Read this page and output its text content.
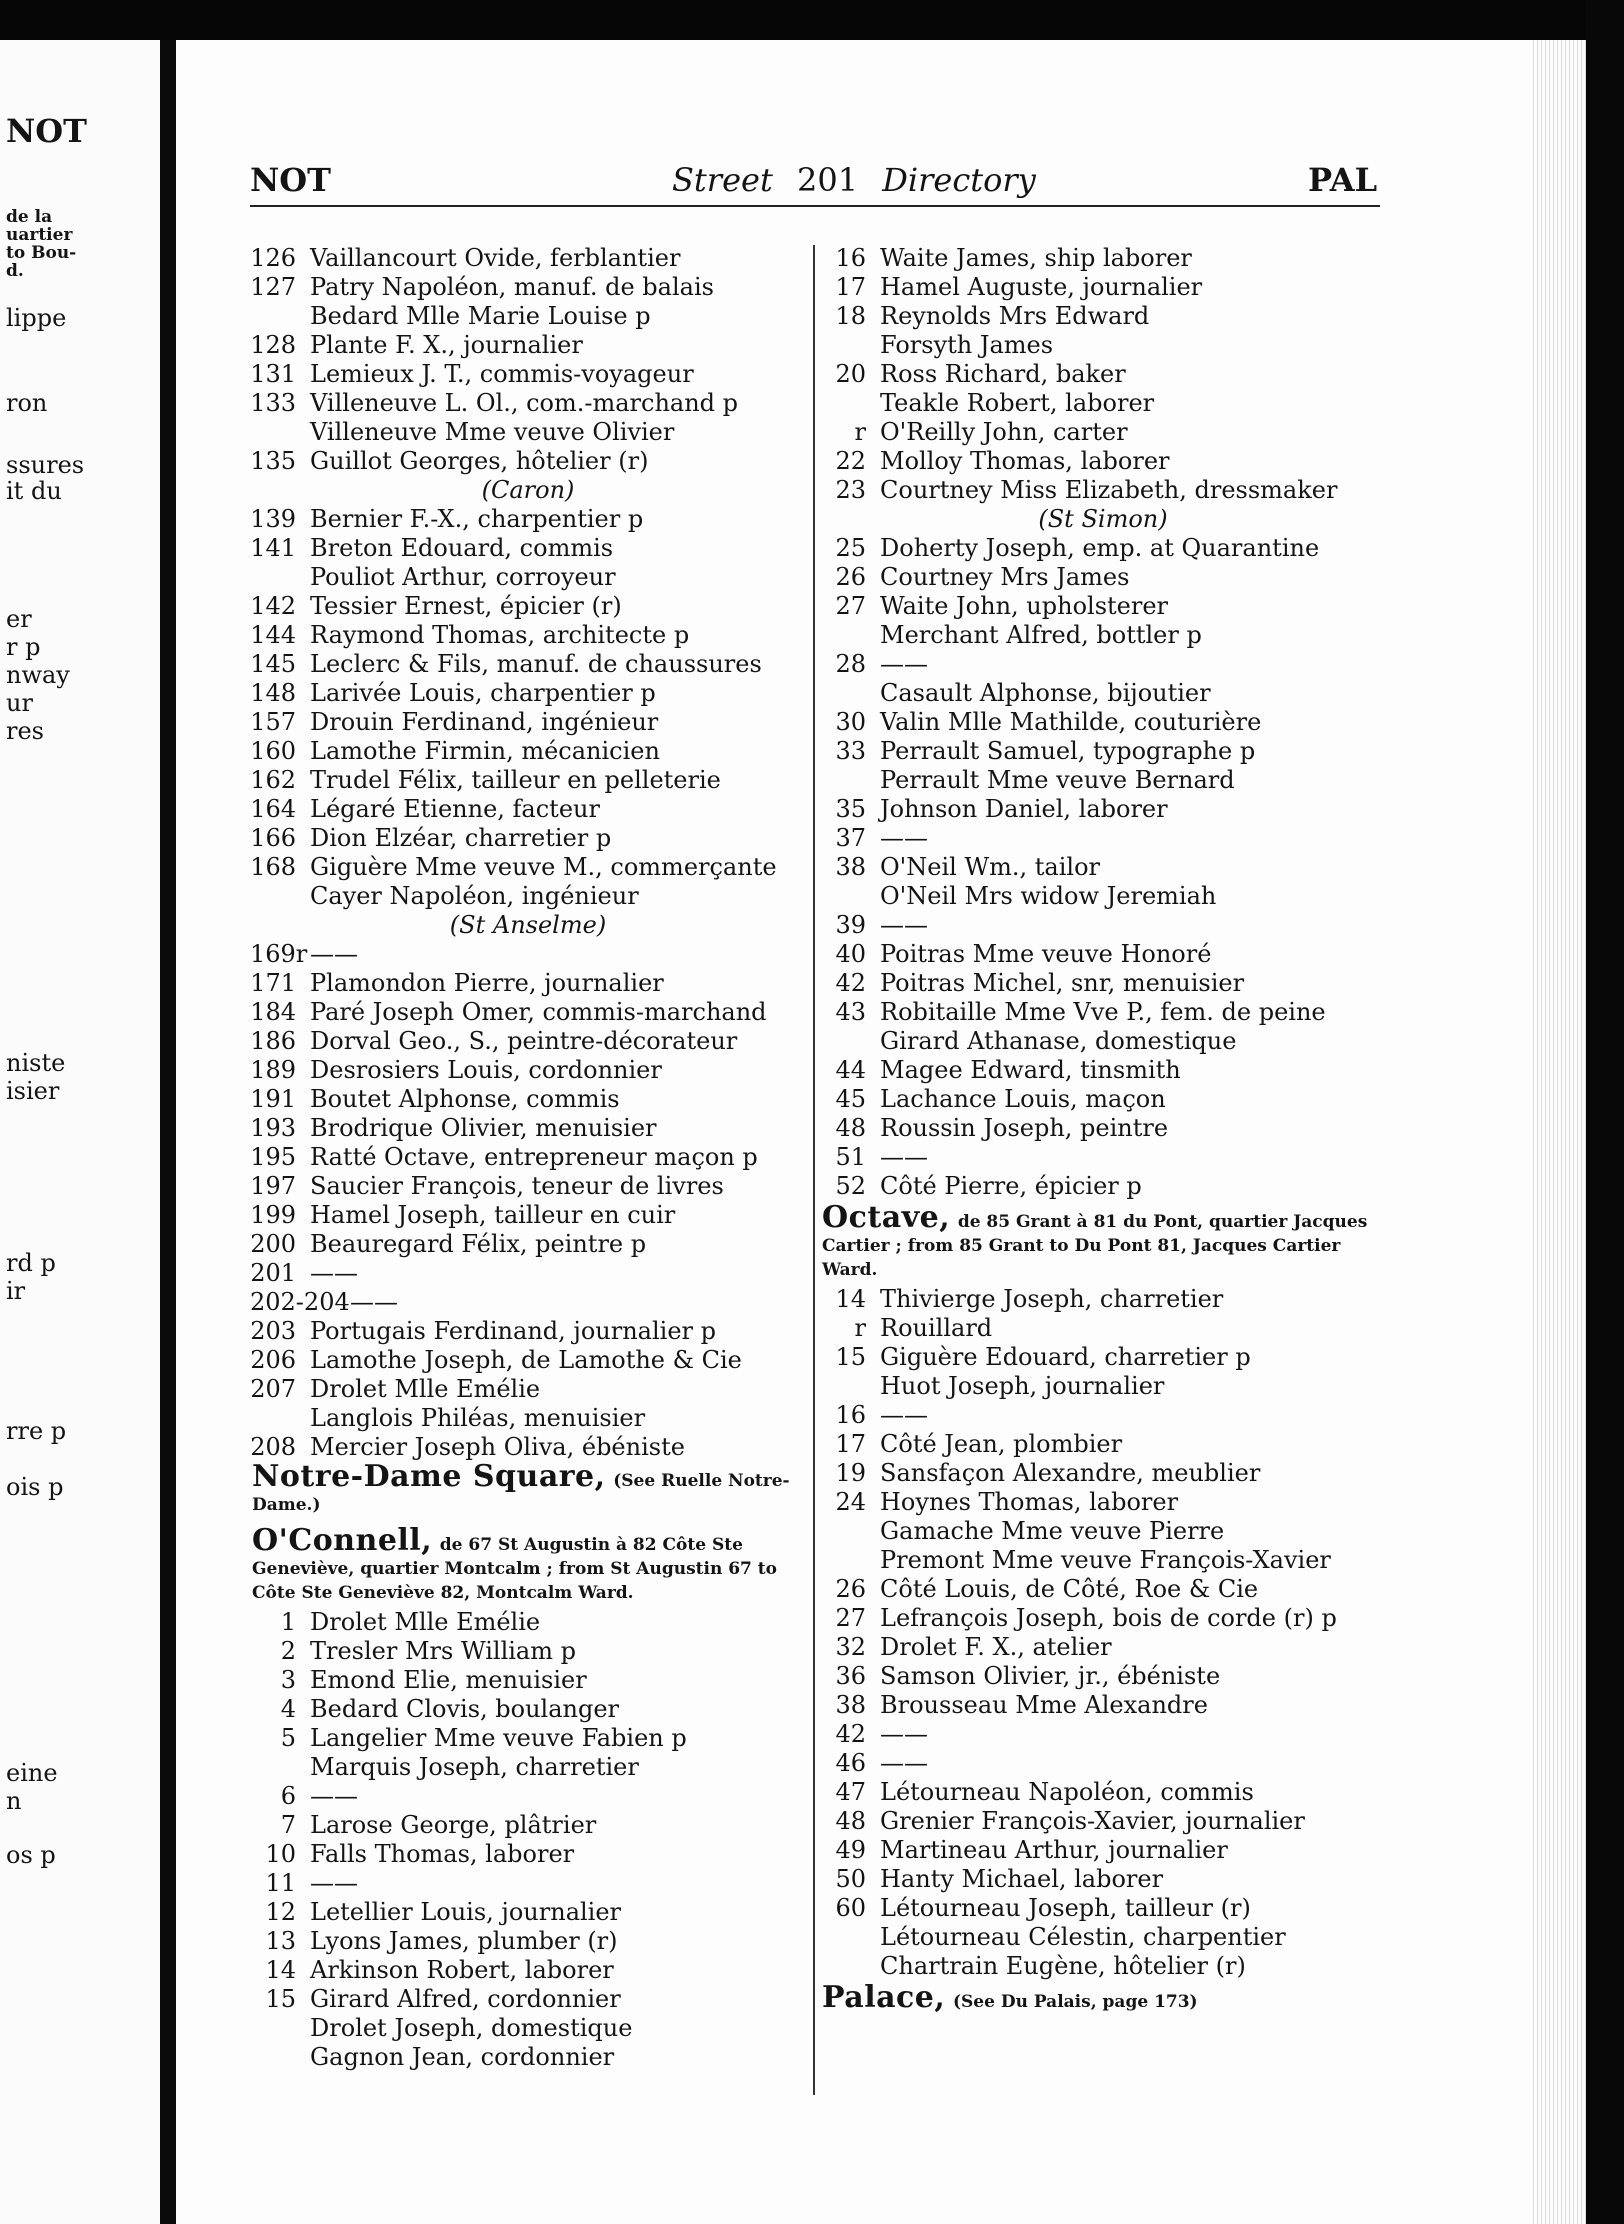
NOT
de la
uartier
to Bou-
d.
lippe
ron
ssures
it du
er
r p
nway
ur
res
niste
isier
rd p
ir
rre p
ois p
eine
n
os p
NOT	Street 201 Directory	PAL
126 Vaillancourt Ovide, ferblantier
127 Patry Napoléon, manuf. de balais
Bedard Mlle Marie Louise p
128 Plante F. X., journalier
131 Lemieux J. T., commis-voyageur
133 Villeneuve L. Ol., com.-marchand p
Villeneuve Mme veuve Olivier
135 Guillot Georges, hôtelier (r)
(Caron)
139 Bernier F.-X., charpentier p
141 Breton Edouard, commis
Pouliot Arthur, corroyeur
142 Tessier Ernest, épicier (r)
144 Raymond Thomas, architecte p
145 Leclerc & Fils, manuf. de chaussures
148 Larivée Louis, charpentier p
157 Drouin Ferdinand, ingénieur
160 Lamothe Firmin, mécanicien
162 Trudel Félix, tailleur en pelleterie
164 Légaré Etienne, facteur
166 Dion Elzéar, charretier p
168 Giguère Mme veuve M., commerçante
Cayer Napoléon, ingénieur
(St Anselme)
169r ——
171 Plamondon Pierre, journalier
184 Paré Joseph Omer, commis-marchand
186 Dorval Geo., S., peintre-décorateur
189 Desrosiers Louis, cordonnier
191 Boutet Alphonse, commis
193 Brodrique Olivier, menuisier
195 Ratté Octave, entrepreneur maçon p
197 Saucier François, teneur de livres
199 Hamel Joseph, tailleur en cuir
200 Beauregard Félix, peintre p
201 ——
202-204 ——
203 Portugais Ferdinand, journalier p
206 Lamothe Joseph, de Lamothe & Cie
207 Drolet Mlle Emélie
Langlois Philéas, menuisier
208 Mercier Joseph Oliva, ébéniste
Notre-Dame Square, (See Ruelle Notre-Dame.)
O'Connell, de 67 St Augustin à 82 Côte Ste Geneviève, quartier Montcalm ; from St Augustin 67 to Côte Ste Geneviève 82, Montcalm Ward.
1 Drolet Mlle Emélie
2 Tresler Mrs William p
3 Emond Elie, menuisier
4 Bedard Clovis, boulanger
5 Langelier Mme veuve Fabien p
Marquis Joseph, charretier
6 ——
7 Larose George, plâtrier
10 Falls Thomas, laborer
11 ——
12 Letellier Louis, journalier
13 Lyons James, plumber (r)
14 Arkinson Robert, laborer
15 Girard Alfred, cordonnier
Drolet Joseph, domestique
Gagnon Jean, cordonnier
16 Waite James, ship laborer
17 Hamel Auguste, journalier
18 Reynolds Mrs Edward
Forsyth James
20 Ross Richard, baker
Teakle Robert, laborer
r O'Reilly John, carter
22 Molloy Thomas, laborer
23 Courtney Miss Elizabeth, dressmaker
(St Simon)
25 Doherty Joseph, emp. at Quarantine
26 Courtney Mrs James
27 Waite John, upholsterer
Merchant Alfred, bottler p
28 ——
Casault Alphonse, bijoutier
30 Valin Mlle Mathilde, couturière
33 Perrault Samuel, typographe p
Perrault Mme veuve Bernard
35 Johnson Daniel, laborer
37 ——
38 O'Neil Wm., tailor
O'Neil Mrs widow Jeremiah
39 ——
40 Poitras Mme veuve Honoré
42 Poitras Michel, snr, menuisier
43 Robitaille Mme Vve P., fem. de peine
Girard Athanase, domestique
44 Magee Edward, tinsmith
45 Lachance Louis, maçon
48 Roussin Joseph, peintre
51 ——
52 Côté Pierre, épicier p
Octave, de 85 Grant à 81 du Pont, quartier Jacques Cartier ; from 85 Grant to Du Pont 81, Jacques Cartier Ward.
14 Thivierge Joseph, charretier
r Rouillard
15 Giguère Edouard, charretier p
Huot Joseph, journalier
16 ——
17 Côté Jean, plombier
19 Sansfaçon Alexandre, meublier
24 Hoynes Thomas, laborer
Gamache Mme veuve Pierre
Premont Mme veuve François-Xavier
26 Côté Louis, de Côté, Roe & Cie
27 Lefrançois Joseph, bois de corde (r) p
32 Drolet F. X., atelier
36 Samson Olivier, jr., ébéniste
38 Brousseau Mme Alexandre
42 ——
46 ——
47 Létourneau Napoléon, commis
48 Grenier François-Xavier, journalier
49 Martineau Arthur, journalier
50 Hanty Michael, laborer
60 Létourneau Joseph, tailleur (r)
Létourneau Célestin, charpentier
Chartrain Eugène, hôtelier (r)
Palace, (See Du Palais, page 173)
